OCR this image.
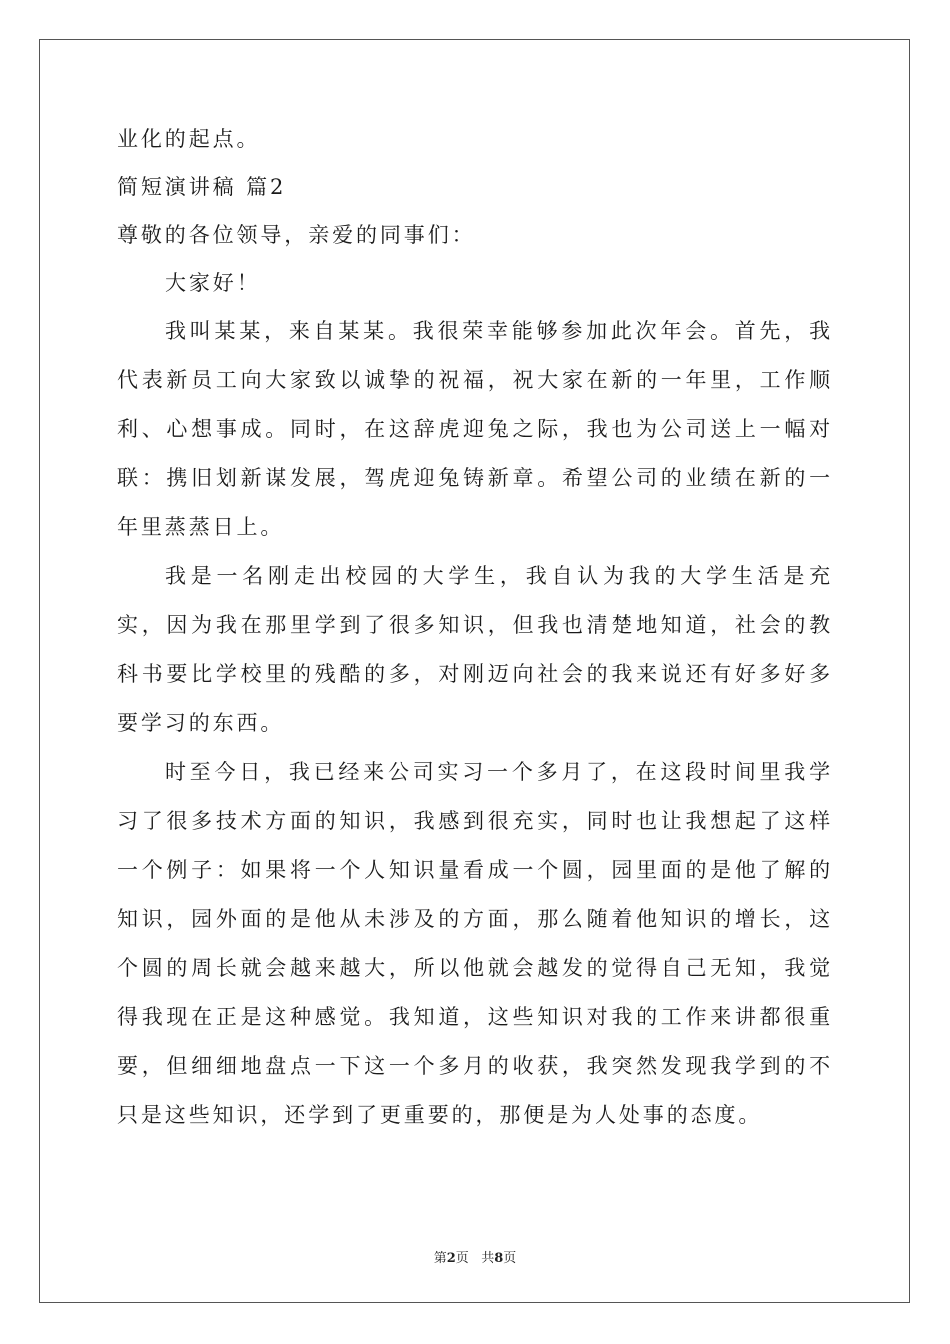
业化的起点。
简短演讲稿 篇2
尊敬的各位领导，亲爱的同事们：
大家好！

我叫某某，来自某某。我很荣幸能够参加此次年会。首先，我代表新员工向大家致以诚挚的祝福，祝大家在新的一年里，工作顺利、心想事成。同时，在这辞虎迎兔之际，我也为公司送上一幅对联：携旧划新谋发展，驾虎迎兔铸新章。希望公司的业绩在新的一年里蒸蒸日上。

我是一名刚走出校园的大学生，我自认为我的大学生活是充实，因为我在那里学到了很多知识，但我也清楚地知道，社会的教科书要比学校里的残酷的多，对刚迈向社会的我来说还有好多好多要学习的东西。

时至今日，我已经来公司实习一个多月了，在这段时间里我学习了很多技术方面的知识，我感到很充实，同时也让我想起了这样一个例子：如果将一个人知识量看成一个圆，园里面的是他了解的知识，园外面的是他从未涉及的方面，那么随着他知识的增长，这个圆的周长就会越来越大，所以他就会越发的觉得自己无知，我觉得我现在正是这种感觉。我知道，这些知识对我的工作来讲都很重要，但细细地盘点一下这一个多月的收获，我突然发现我学到的不只是这些知识，还学到了更重要的，那便是为人处事的态度。

第2页 共8页
